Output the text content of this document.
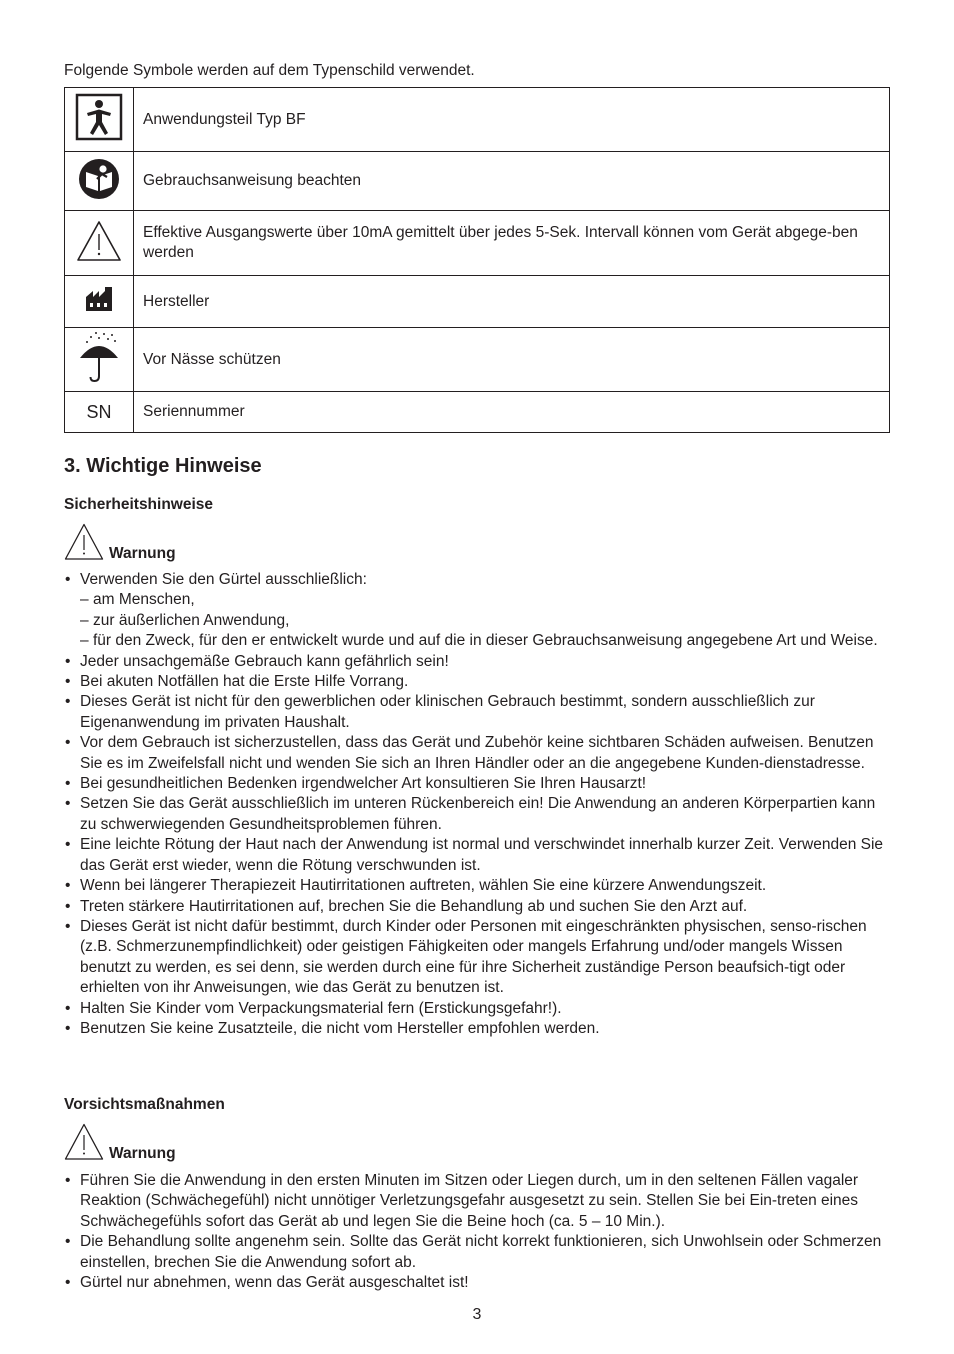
Folgende Symbole werden auf dem Typenschild verwendet.
	Anwendungsteil Typ BF
	Gebrauchsanweisung beachten
	Effektive Ausgangswerte über 10mA gemittelt über jedes 5-Sek. Intervall können vom Gerät abgege-ben werden
	Hersteller
	Vor Nässe schützen
SN	Seriennummer
3. Wichtige Hinweise
Sicherheitshinweise
Warnung
• Verwenden Sie den Gürtel ausschließlich:
– am Menschen,
– zur äußerlichen Anwendung,
– für den Zweck, für den er entwickelt wurde und auf die in dieser Gebrauchsanweisung angegebene Art und Weise.
• Jeder unsachgemäße Gebrauch kann gefährlich sein!
• Bei akuten Notfällen hat die Erste Hilfe Vorrang.
• Dieses Gerät ist nicht für den gewerblichen oder klinischen Gebrauch bestimmt, sondern ausschließlich zur Eigenanwendung im privaten Haushalt.
• Vor dem Gebrauch ist sicherzustellen, dass das Gerät und Zubehör keine sichtbaren Schäden aufweisen. Benutzen Sie es im Zweifelsfall nicht und wenden Sie sich an Ihren Händler oder an die angegebene Kunden-dienstadresse.
• Bei gesundheitlichen Bedenken irgendwelcher Art konsultieren Sie Ihren Hausarzt!
• Setzen Sie das Gerät ausschließlich im unteren Rückenbereich ein! Die Anwendung an anderen Körperpartien kann zu schwerwiegenden Gesundheitsproblemen führen.
• Eine leichte Rötung der Haut nach der Anwendung ist normal und verschwindet innerhalb kurzer Zeit. Verwenden Sie das Gerät erst wieder, wenn die Rötung verschwunden ist.
• Wenn bei längerer Therapiezeit Hautirritationen auftreten, wählen Sie eine kürzere Anwendungszeit.
• Treten stärkere Hautirritationen auf, brechen Sie die Behandlung ab und suchen Sie den Arzt auf.
• Dieses Gerät ist nicht dafür bestimmt, durch Kinder oder Personen mit eingeschränkten physischen, senso-rischen (z.B. Schmerzunempfindlichkeit) oder geistigen Fähigkeiten oder mangels Erfahrung und/oder mangels Wissen benutzt zu werden, es sei denn, sie werden durch eine für ihre Sicherheit zuständige Person beaufsich-tigt oder erhielten von ihr Anweisungen, wie das Gerät zu benutzen ist.
• Halten Sie Kinder vom Verpackungsmaterial fern (Erstickungsgefahr!).
• Benutzen Sie keine Zusatzteile, die nicht vom Hersteller empfohlen werden.
Vorsichtsmaßnahmen
Warnung
• Führen Sie die Anwendung in den ersten Minuten im Sitzen oder Liegen durch, um in den seltenen Fällen vagaler Reaktion (Schwächegefühl) nicht unnötiger Verletzungsgefahr ausgesetzt zu sein. Stellen Sie bei Ein-treten eines Schwächegefühls sofort das Gerät ab und legen Sie die Beine hoch (ca. 5 – 10 Min.).
• Die Behandlung sollte angenehm sein. Sollte das Gerät nicht korrekt funktionieren, sich Unwohlsein oder Schmerzen einstellen, brechen Sie die Anwendung sofort ab.
• Gürtel nur abnehmen, wenn das Gerät ausgeschaltet ist!
3
